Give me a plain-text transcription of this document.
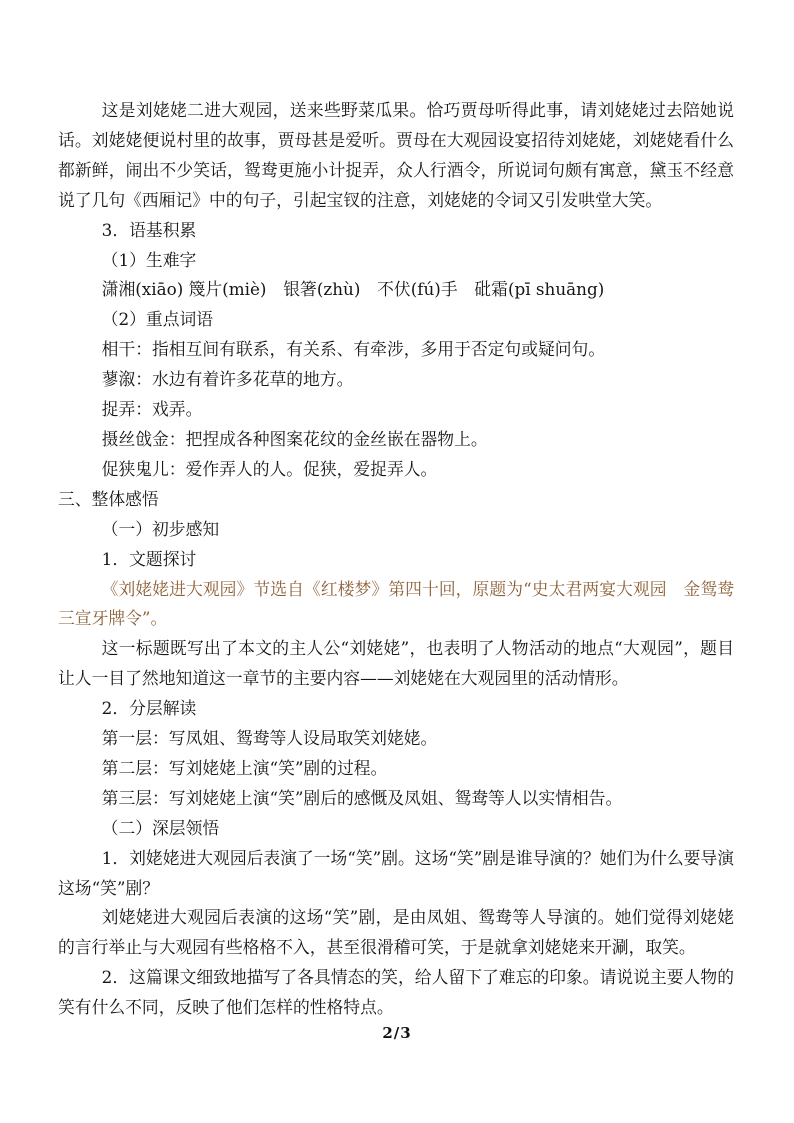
这是刘姥姥二进大观园，送来些野菜瓜果。恰巧贾母听得此事，请刘姥姥过去陪她说话。刘姥姥便说村里的故事，贾母甚是爱听。贾母在大观园设宴招待刘姥姥，刘姥姥看什么都新鲜，闹出不少笑话，鸳鸯更施小计捉弄，众人行酒令，所说词句颇有寓意，黛玉不经意说了几句《西厢记》中的句子，引起宝钗的注意，刘姥姥的令词又引发哄堂大笑。

3．语基积累

（1）生难字

潇湘(xiāo) 篾片(miè)　银箸(zhù)　不伏(fú)手　砒霜(pī shuāng)

（2）重点词语

相干：指相互间有联系，有关系、有牵涉，多用于否定句或疑问句。

蓼溆：水边有着许多花草的地方。

捉弄：戏弄。

摄丝戗金：把捏成各种图案花纹的金丝嵌在器物上。

促狭鬼儿：爱作弄人的人。促狭，爱捉弄人。

三、整体感悟

（一）初步感知

1．文题探讨

《刘姥姥进大观园》节选自《红楼梦》第四十回，原题为“史太君两宴大观园　金鸳鸯三宣牙牌令”。

这一标题既写出了本文的主人公“刘姥姥”，也表明了人物活动的地点“大观园”，题目让人一目了然地知道这一章节的主要内容——刘姥姥在大观园里的活动情形。

2．分层解读

第一层：写凤姐、鸳鸯等人设局取笑刘姥姥。

第二层：写刘姥姥上演“笑”剧的过程。

第三层：写刘姥姥上演“笑”剧后的感慨及凤姐、鸳鸯等人以实情相告。

（二）深层领悟

1．刘姥姥进大观园后表演了一场“笑”剧。这场“笑”剧是谁导演的？她们为什么要导演这场“笑”剧？

刘姥姥进大观园后表演的这场“笑”剧，是由凤姐、鸳鸯等人导演的。她们觉得刘姥姥的言行举止与大观园有些格格不入，甚至很滑稽可笑，于是就拿刘姥姥来开涮，取笑。

2．这篇课文细致地描写了各具情态的笑，给人留下了难忘的印象。请说说主要人物的笑有什么不同，反映了他们怎样的性格特点。

2/3
